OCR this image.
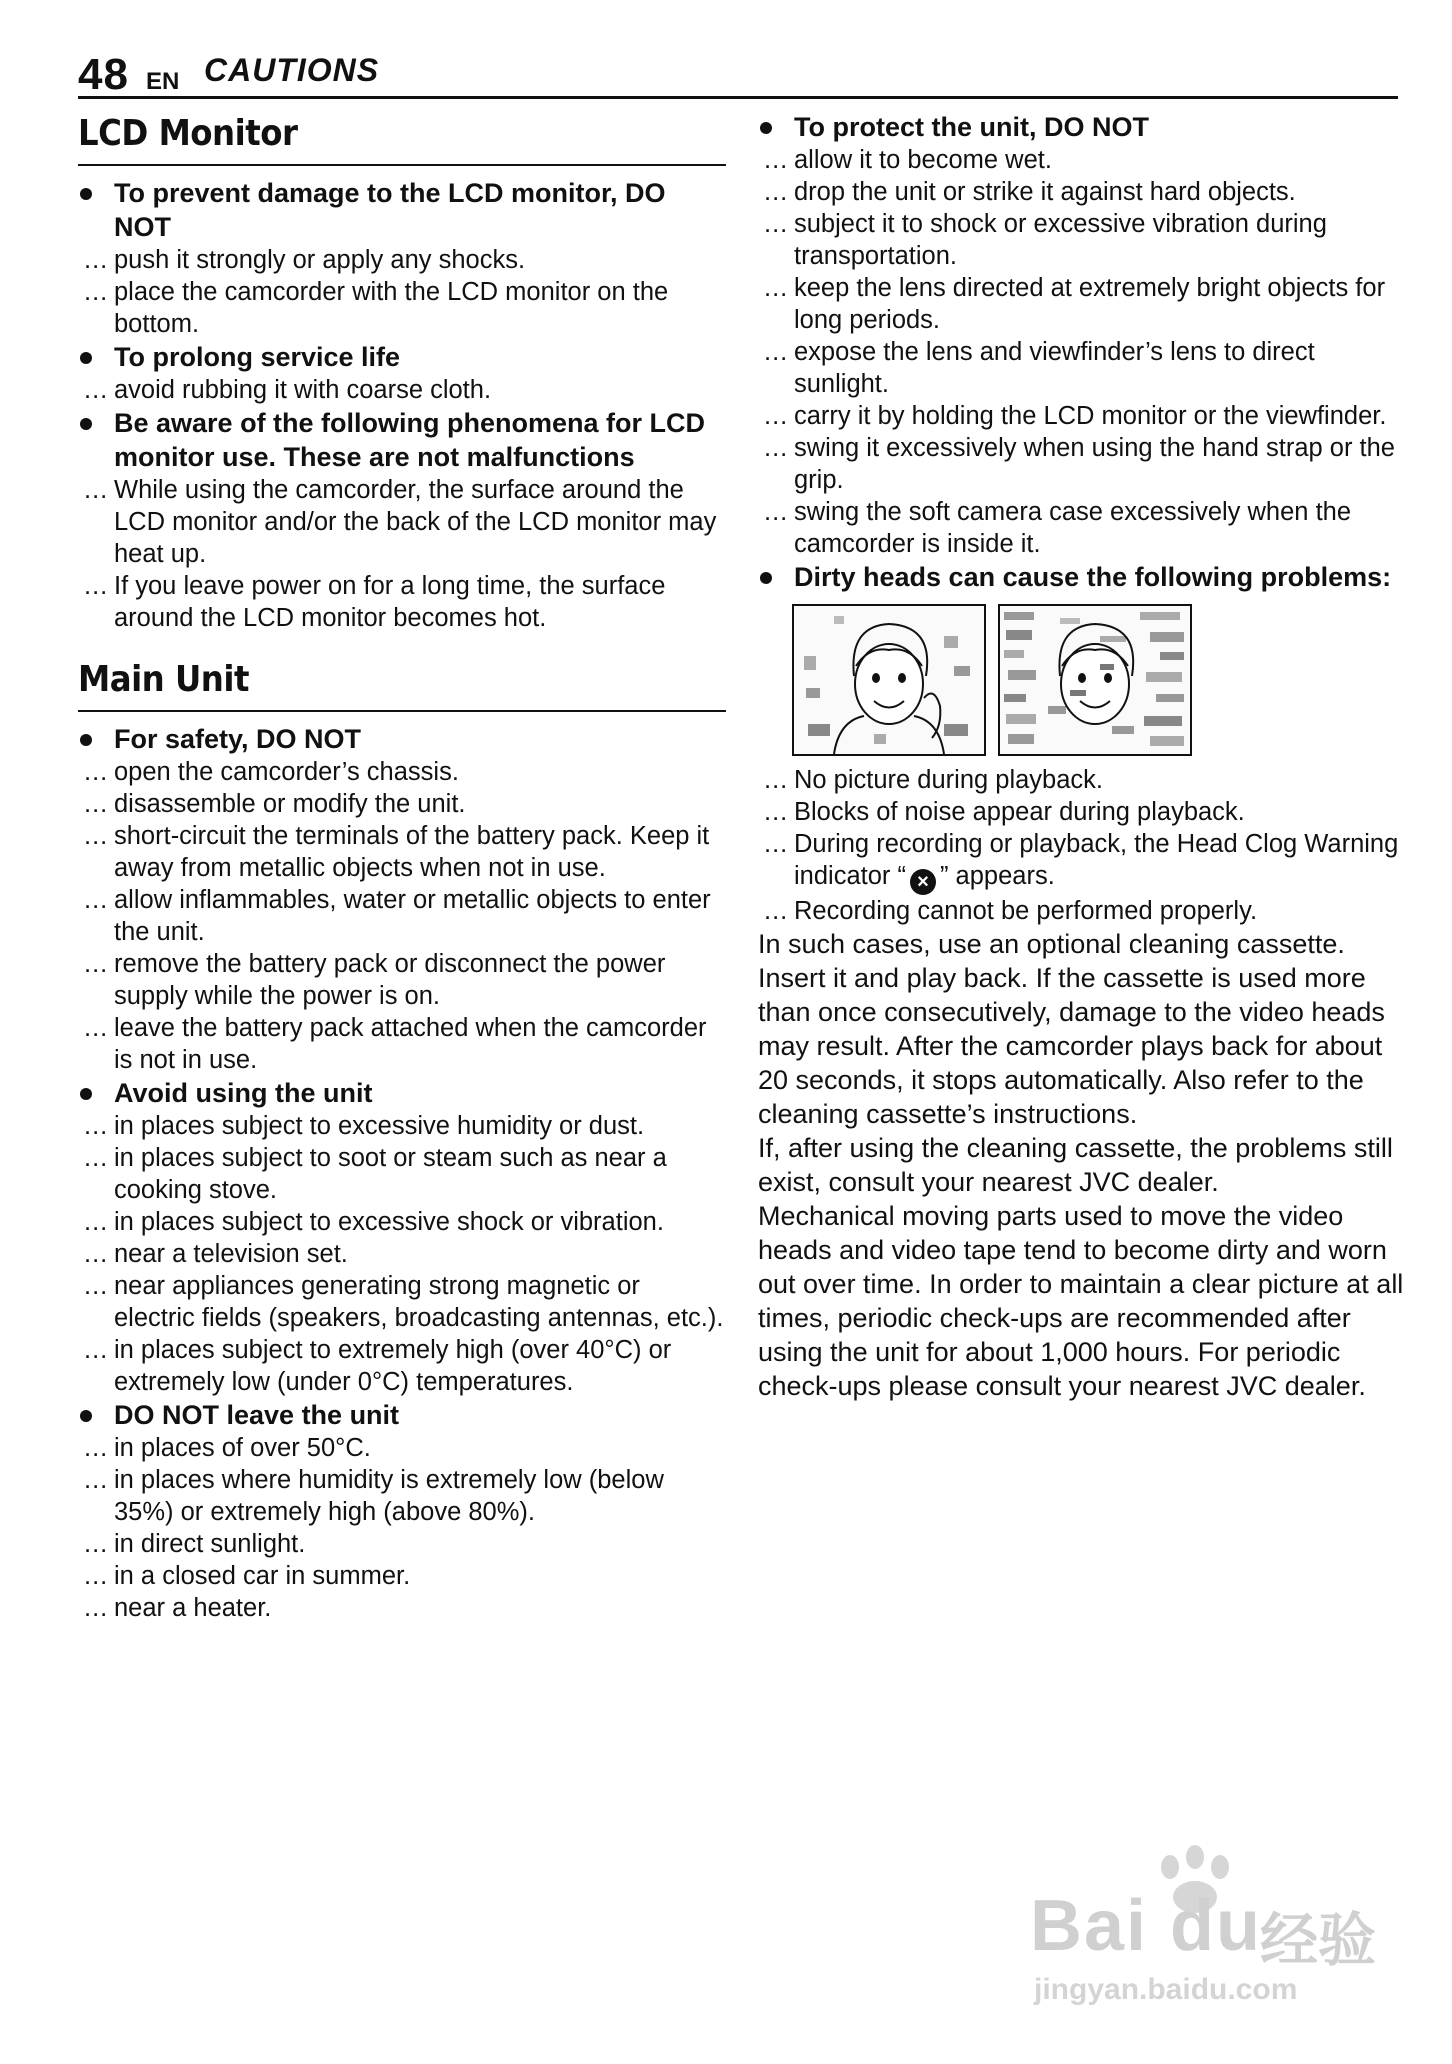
48 EN CAUTIONS
LCD Monitor
To prevent damage to the LCD monitor, DO NOT
... push it strongly or apply any shocks.
... place the camcorder with the LCD monitor on the bottom.
To prolong service life
... avoid rubbing it with coarse cloth.
Be aware of the following phenomena for LCD monitor use. These are not malfunctions
... While using the camcorder, the surface around the LCD monitor and/or the back of the LCD monitor may heat up.
... If you leave power on for a long time, the surface around the LCD monitor becomes hot.
Main Unit
For safety, DO NOT
... open the camcorder’s chassis.
... disassemble or modify the unit.
... short-circuit the terminals of the battery pack. Keep it away from metallic objects when not in use.
... allow inflammables, water or metallic objects to enter the unit.
... remove the battery pack or disconnect the power supply while the power is on.
... leave the battery pack attached when the camcorder is not in use.
Avoid using the unit
... in places subject to excessive humidity or dust.
... in places subject to soot or steam such as near a cooking stove.
... in places subject to excessive shock or vibration.
... near a television set.
... near appliances generating strong magnetic or electric fields (speakers, broadcasting antennas, etc.).
... in places subject to extremely high (over 40°C) or extremely low (under 0°C) temperatures.
DO NOT leave the unit
... in places of over 50°C.
... in places where humidity is extremely low (below 35%) or extremely high (above 80%).
... in direct sunlight.
... in a closed car in summer.
... near a heater.
To protect the unit, DO NOT
... allow it to become wet.
... drop the unit or strike it against hard objects.
... subject it to shock or excessive vibration during transportation.
... keep the lens directed at extremely bright objects for long periods.
... expose the lens and viewfinder’s lens to direct sunlight.
... carry it by holding the LCD monitor or the viewfinder.
... swing it excessively when using the hand strap or the grip.
... swing the soft camera case excessively when the camcorder is inside it.
Dirty heads can cause the following problems:
... No picture during playback.
... Blocks of noise appear during playback.
... During recording or playback, the Head Clog Warning indicator “ × ” appears.
... Recording cannot be performed properly.
In such cases, use an optional cleaning cassette. Insert it and play back. If the cassette is used more than once consecutively, damage to the video heads may result. After the camcorder plays back for about 20 seconds, it stops automatically. Also refer to the cleaning cassette’s instructions.
If, after using the cleaning cassette, the problems still exist, consult your nearest JVC dealer.
Mechanical moving parts used to move the video heads and video tape tend to become dirty and worn out over time. In order to maintain a clear picture at all times, periodic check-ups are recommended after using the unit for about 1,000 hours. For periodic check-ups please consult your nearest JVC dealer.
Bai du
经验
jingyan.baidu.com
